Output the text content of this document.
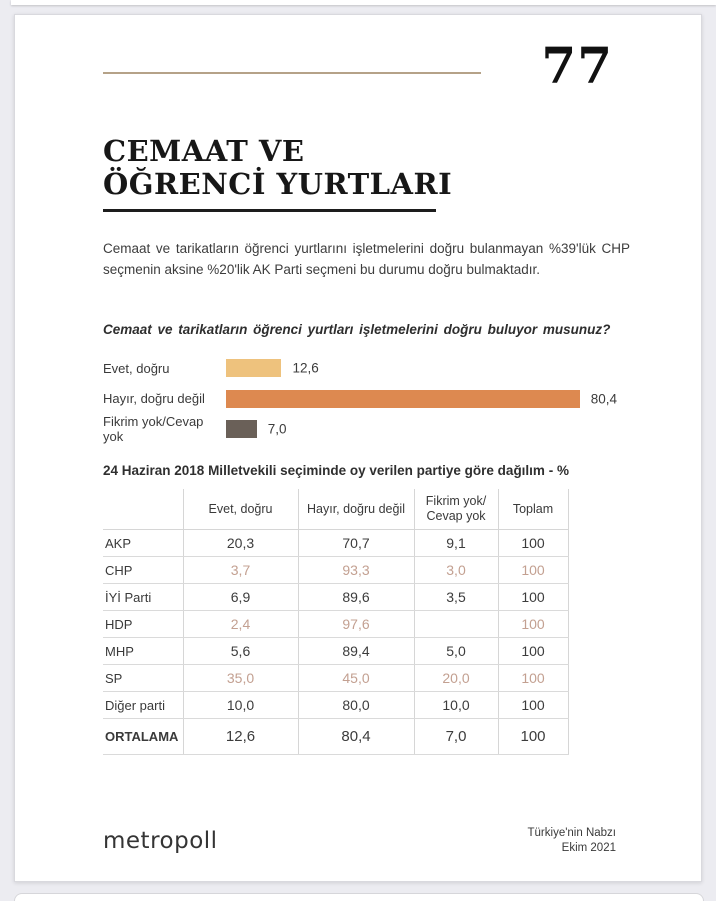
77
CEMAAT VE
ÖĞRENCİ YURTLARI
Cemaat ve tarikatların öğrenci yurtlarını işletmelerini doğru bulanmayan %39'lük CHP seçmenin aksine %20'lik AK Parti seçmeni bu durumu doğru bulmaktadır.
Cemaat ve tarikatların öğrenci yurtları işletmelerini doğru buluyor musunuz?
Evet, doğru	12,6
Hayır, doğru değil	80,4
Fikrim yok/Cevap yok	7,0
24 Haziran 2018 Milletvekili seçiminde oy verilen partiye göre dağılım - %
	Evet, doğru	Hayır, doğru değil	Fikrim yok/
Cevap yok	Toplam
AKP	20,3	70,7	9,1	100
CHP	3,7	93,3	3,0	100
İYİ Parti	6,9	89,6	3,5	100
HDP	2,4	97,6		100
MHP	5,6	89,4	5,0	100
SP	35,0	45,0	20,0	100
Diğer parti	10,0	80,0	10,0	100
ORTALAMA	12,6	80,4	7,0	100
metropoll	Türkiye'nin Nabzı
Ekim 2021
